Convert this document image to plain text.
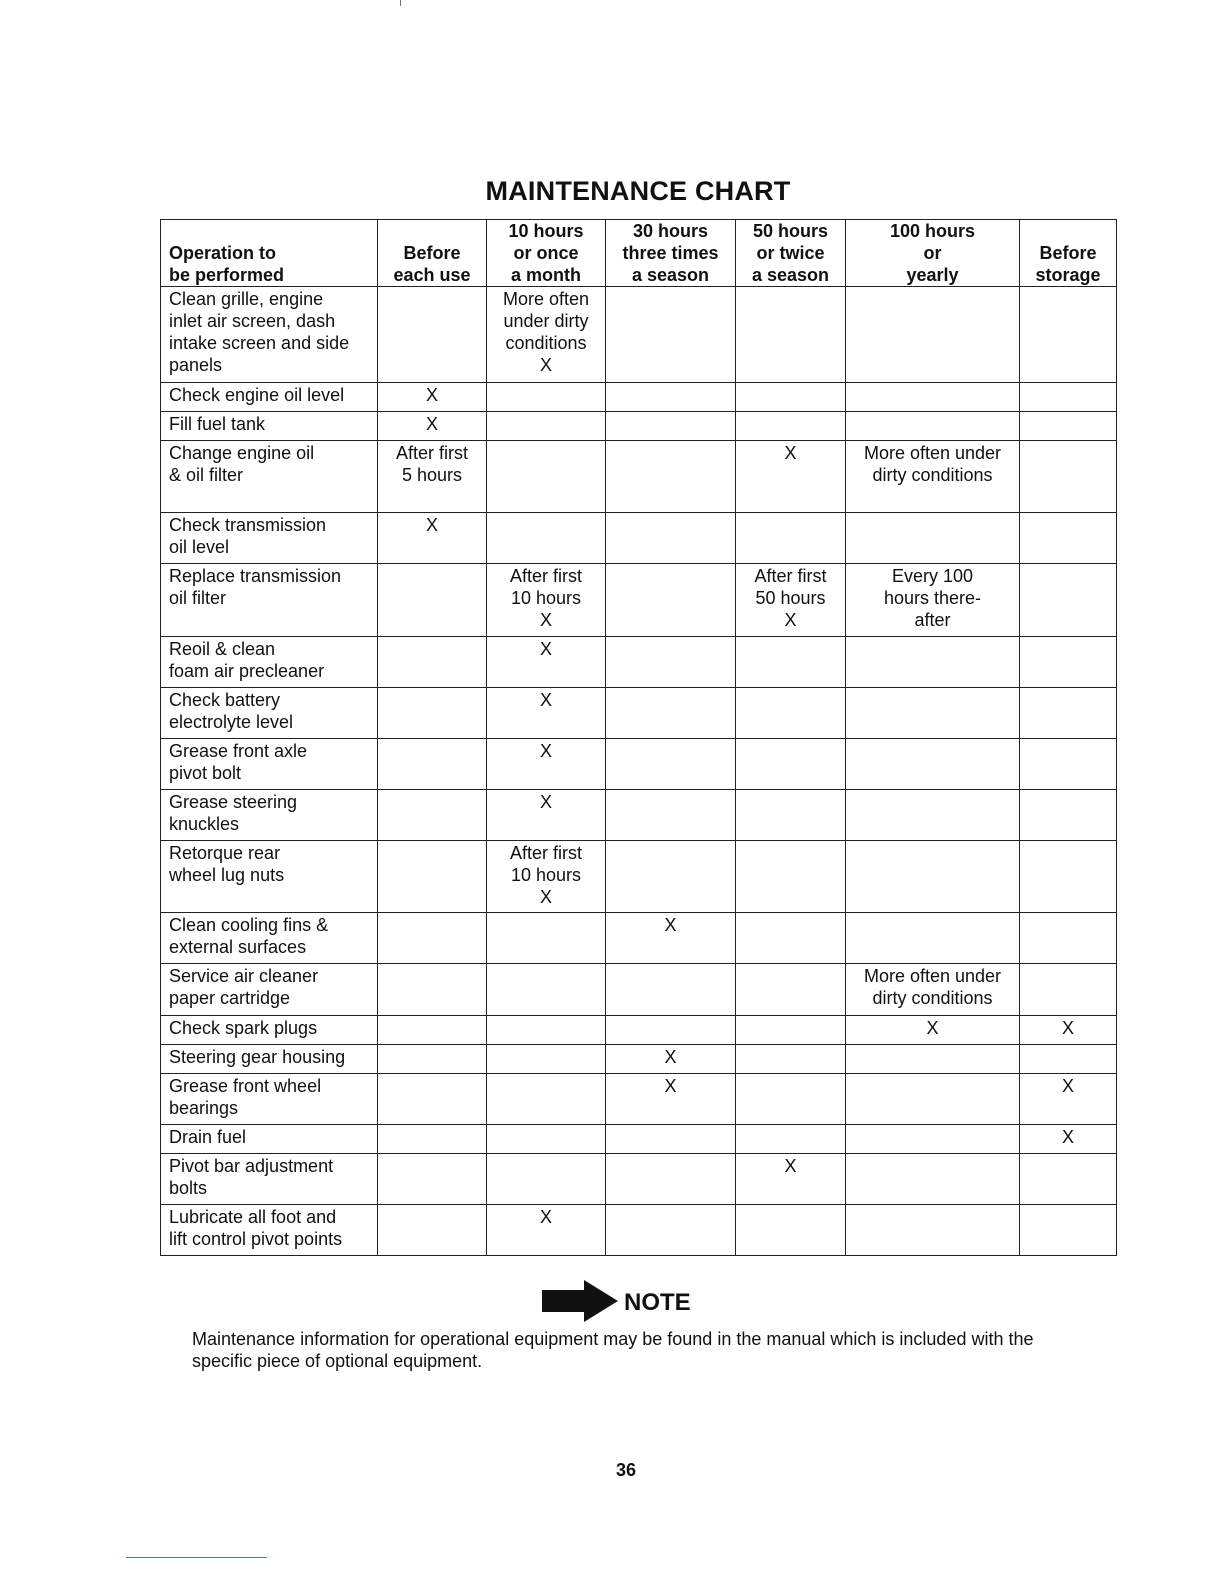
MAINTENANCE CHART
Operation to
be performed	Before
each use	10 hours
or once
a month	30 hours
three times
a season	50 hours
or twice
a season	100 hours
or
yearly	Before
storage
Clean grille, engine
inlet air screen, dash
intake screen and side
panels		More often
under dirty
conditions
X				
Check engine oil level	X					
Fill fuel tank	X					
Change engine oil
& oil filter	After first
5 hours			X	More often under
dirty conditions	
Check transmission
oil level	X					
Replace transmission
oil filter		After first
10 hours
X		After first
50 hours
X	Every 100
hours there-
after	
Reoil & clean
foam air precleaner		X				
Check battery
electrolyte level		X				
Grease front axle
pivot bolt		X				
Grease steering
knuckles		X				
Retorque rear
wheel lug nuts		After first
10 hours
X				
Clean cooling fins &
external surfaces			X			
Service air cleaner
paper cartridge					More often under
dirty conditions	
Check spark plugs					X	X
Steering gear housing			X			
Grease front wheel
bearings			X			X
Drain fuel						X
Pivot bar adjustment
bolts				X		
Lubricate all foot and
lift control pivot points		X				
NOTE
Maintenance information for operational equipment may be found in the manual which is included with the specific piece of optional equipment.
36
